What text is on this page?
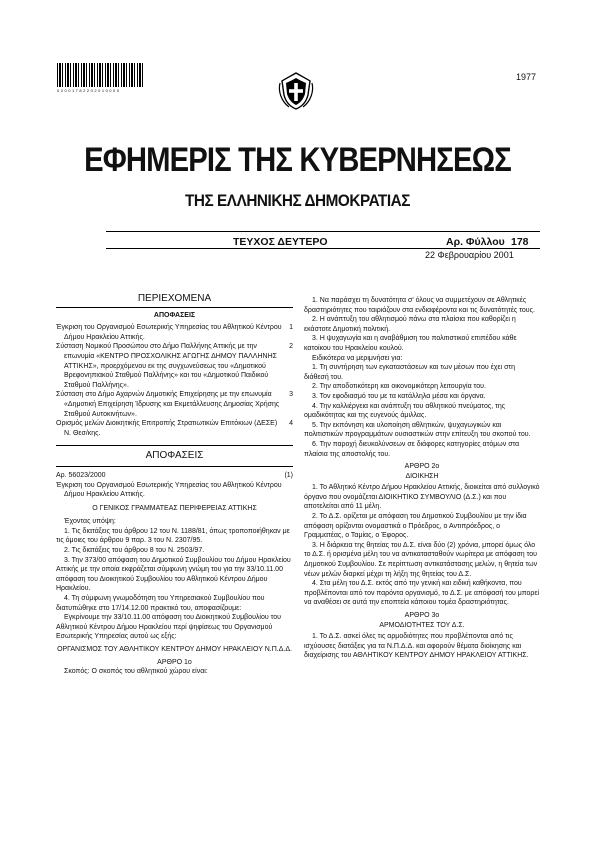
0 2 0 0 1 7 8 2 2 0 2 0 1 0 0 0 0
1977
ΕΦΗΜΕΡΙΣ ΤΗΣ ΚΥΒΕΡΝΗΣΕΩΣ
ΤΗΣ ΕΛΛΗΝΙΚΗΣ ΔΗΜΟΚΡΑΤΙΑΣ
ΤΕΥΧΟΣ ΔΕΥΤΕΡΟ	Αρ. Φύλλου 178
22 Φεβρουαρίου 2001
ΠΕΡΙΕΧΟΜΕΝΑ
ΑΠΟΦΑΣΕΙΣ
Έγκριση του Οργανισμού Εσωτερικής Υπηρεσίας του Αθλητικού Κέντρου Δήμου Ηρακλείου Αττικής.
1
Σύσταση Νομικού Προσώπου στο Δήμο Παλλήνης Αττικής με την επωνυμία «ΚΕΝΤΡΟ ΠΡΟΣΧΟΛΙΚΗΣ ΑΓΩΓΗΣ ΔΗΜΟΥ ΠΑΛΛΗΝΗΣ ΑΤΤΙΚΗΣ», προερχόμενου εκ της συγχωνεύσεως του «Δημοτικού Βρεφονηπιακού Σταθμού Παλλήνης» και του «Δημοτικού Παιδικού Σταθμού Παλλήνης».
2
Σύσταση στο Δήμο Αχαρνών Δημοτικής Επιχείρησης με την επωνυμία «Δημοτική Επιχείρηση Ίδρυσης και Εκμετάλλευσης Δημοσίας Χρήσης Σταθμού Αυτοκινήτων».
3
Ορισμός μελών Διοικητικής Επιτροπής Στρατιωτικών Επιτόκιων (ΔΕΣΕ) Ν. Θεσ/κης.
4
ΑΠΟΦΑΣΕΙΣ
Αρ. 56023/2000	(1)

Έγκριση του Οργανισμού Εσωτερικής Υπηρεσίας του Αθλητικού Κέντρου Δήμου Ηρακλείου Αττικής.

Ο ΓΕΝΙΚΟΣ ΓΡΑΜΜΑΤΕΑΣ ΠΕΡΙΦΕΡΕΙΑΣ ΑΤΤΙΚΗΣ

Έχοντας υπόψη:

1. Τις διατάξεις του άρθρου 12 του Ν. 1188/81, όπως τροποποιήθηκαν με τις όμοιες του άρθρου 9 παρ. 3 του Ν. 2307/95.

2. Τις διατάξεις του άρθρου 8 του Ν. 2503/97.

3. Την 373/00 απόφαση του Δημοτικού Συμβουλίου του Δήμου Ηρακλείου Αττικής με την οποία εκφράζεται σύμφωνη γνώμη του για την 33/10.11.00 απόφαση του Διοικητικού Συμβουλίου του Αθλητικού Κέντρου Δήμου Ηρακλείου.

4. Τη σύμφωνη γνωμοδότηση του Υπηρεσιακού Συμβουλίου που διατυπώθηκε στο 17/14.12.00 πρακτικό του, αποφασίζουμε:

Εγκρίνουμε την 33/10.11.00 απόφαση του Διοικητικού Συμβουλίου του Αθλητικού Κέντρου Δήμου Ηρακλείου περί ψηφίσεως του Οργανισμού Εσωτερικής Υπηρεσίας αυτού ως εξής:

ΟΡΓΑΝΙΣΜΟΣ ΤΟΥ ΑΘΛΗΤΙΚΟΥ ΚΕΝΤΡΟΥ ΔΗΜΟΥ ΗΡΑΚΛΕΙΟΥ Ν.Π.Δ.Δ.

ΑΡΘΡΟ 1ο

Σκοπός: Ο σκοπός του αθλητικού χώρου είναι:

1. Να παράσχει τη δυνατότητα σ' όλους να συμμετέχουν σε Αθλητικές δραστηριότητες που ταιριάζουν στα ενδιαφέροντα και τις δυνατότητές τους.

2. Η ανάπτυξη του αθλητισμού πάνω στα πλαίσια που καθορίζει η εκάστοτε Δημοτική πολιτική.

3. Η ψυχαγωγία και η αναβάθμιση του πολιτιστικού επιπέδου κάθε κατοίκου του Ηρακλείου κουλού.

Ειδικότερα να μεριμνήσει για:

1. Τη συντήρηση των εγκαταστάσεων και των μέσων που έχει στη διάθεσή του.

2. Την αποδοτικότερη και οικονομικότερη λειτουργία του.

3. Τον εφοδιασμό του με τα κατάλληλα μέσα και όργανα.

4. Την καλλιέργεια και ανάπτυξη του αθλητικού πνεύματος, της ομαδικότητας και της ευγενούς άμιλλας.

5. Την εκπόνηση και υλοποίηση αθλητικών, ψυχαγωγικών και πολιτιστικών προγραμμάτων ουσιαστικών στην επίτευξη του σκοπού του.

6. Την παροχή διευκολύνσεων σε διάφορες κατηγορίες ατόμων στα πλαίσια της αποστολής του.

ΑΡΘΡΟ 2ο

ΔΙΟΙΚΗΣΗ

1. Το Αθλητικό Κέντρο Δήμου Ηρακλείου Αττικής, διοικείται από συλλογικό όργανο που ονομάζεται ΔΙΟΙΚΗΤΙΚΟ ΣΥΜΒΟΥΛΙΟ (Δ.Σ.) και που αποτελείται από 11 μέλη.

2. Το Δ.Σ. ορίζεται με απόφαση του Δημοτικού Συμβουλίου με την ίδια απόφαση ορίζονται ονομαστικά ο Πρόεδρος, ο Αντιπρόεδρος, ο Γραμματέας, ο Ταμίας, ο Έφορος.

3. Η διάρκεια της θητείας του Δ.Σ. είναι δύο (2) χρόνια, μπορεί όμως όλο το Δ.Σ. ή ορισμένα μέλη του να αντικατασταθούν νωρίτερα με απόφαση του Δημοτικού Συμβουλίου. Σε περίπτωση αντικατάστασης μελών, η θητεία των νέων μελών διαρκεί μέχρι τη λήξη της θητείας του Δ.Σ.

4. Στα μέλη του Δ.Σ. εκτός από την γενική και ειδική καθήκοντα, που προβλέπονται από τον παρόντα οργανισμό, το Δ.Σ. με απόφασή του μπορεί να αναθέσει σε αυτά την εποπτεία κάποιου τομέα δραστηριότητας.

ΑΡΘΡΟ 3ο

ΑΡΜΟΔΙΟΤΗΤΕΣ ΤΟΥ Δ.Σ.

1. Το Δ.Σ. ασκεί όλες τις αρμοδιότητες που προβλέπονται από τις ισχύουσες διατάξεις για τα Ν.Π.Δ.Δ. και αφορούν θέματα διοίκησης και διαχείρισης του ΑΘΛΗΤΙΚΟΥ ΚΕΝΤΡΟΥ ΔΗΜΟΥ ΗΡΑΚΛΕΙΟΥ ΑΤΤΙΚΗΣ.
